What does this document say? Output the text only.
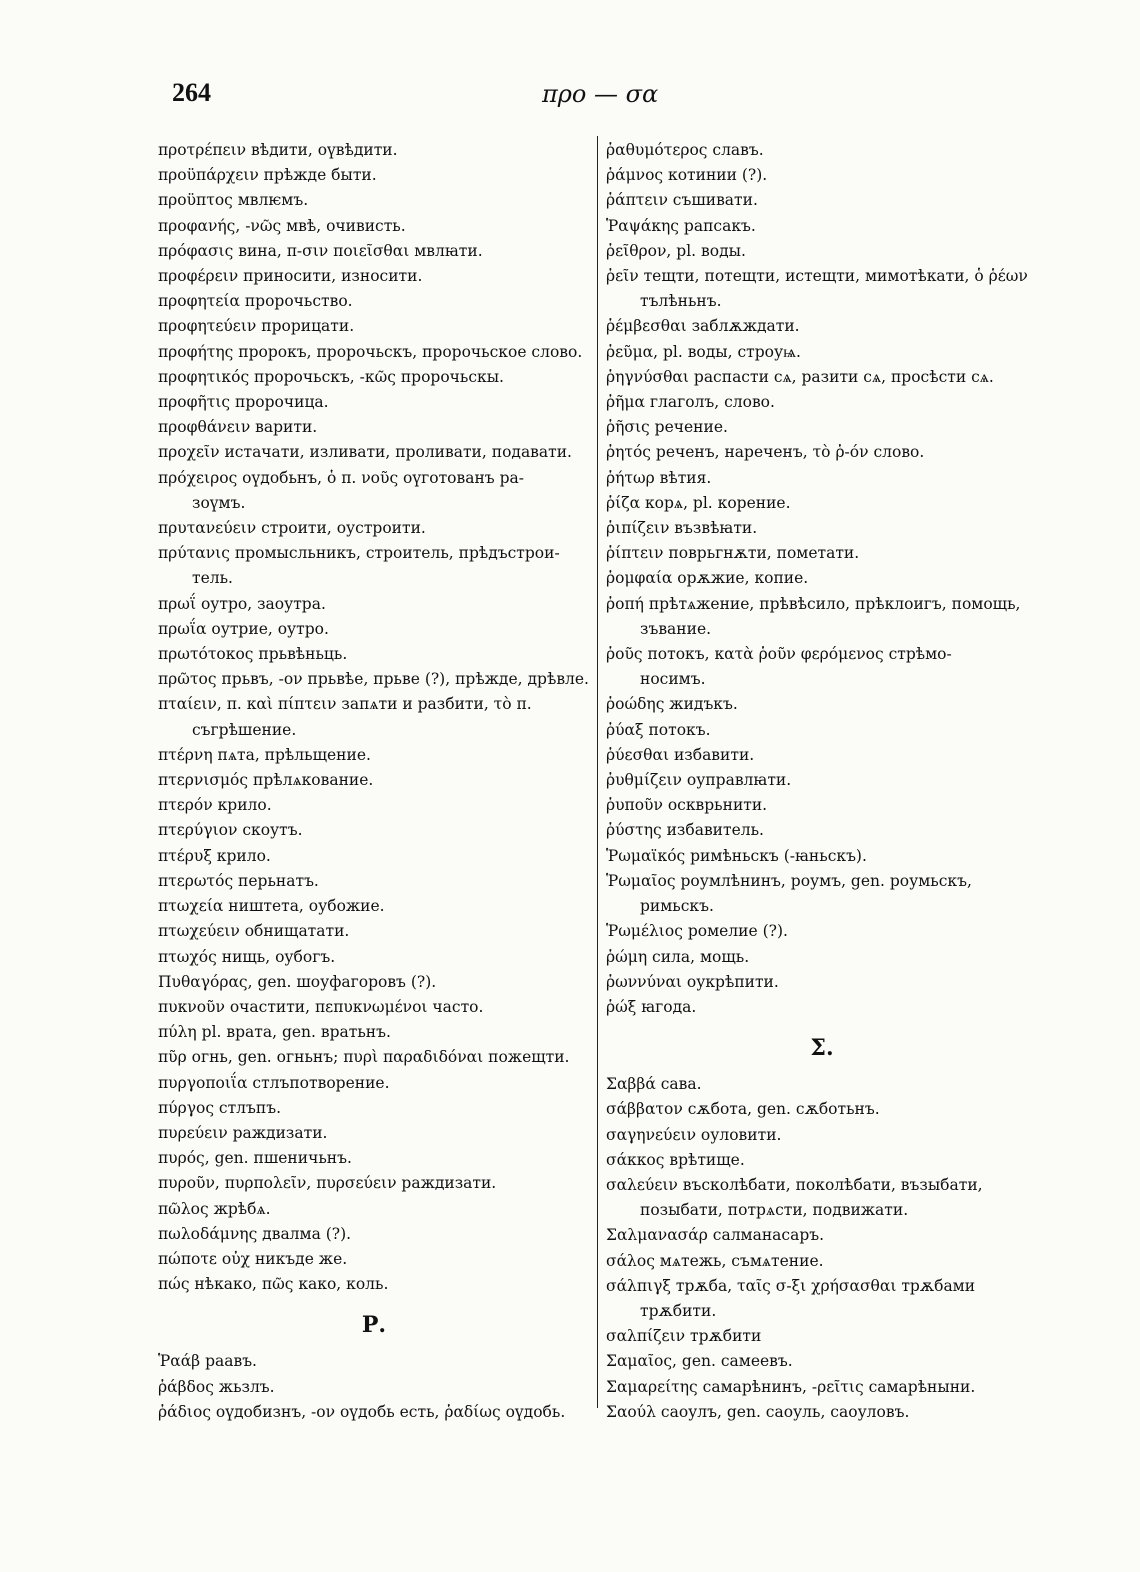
264	προ — σα
προτρέπειν вѣдити, оүвѣдити.
προϋπάρχειν прѣжде быти.
προϋπτος мвлѥмъ.
προφανής, -νῶς мвѣ, очивисть.
πρόφασις вина, π-σιν ποιεῖσθαι мвлꙗти.
προφέρειν приносити, износити.
προφητεία пророчьство.
προφητεύειν прорицати.
προφήτης пророкъ, пророчьскъ, пророчьское слово.
προφητικός пророчьскъ, -κῶς пророчьскы.
προφῆτις пророчица.
προφθάνειν варити.
προχεῖν истачати, изливати, проливати, подавати.
πρόχειρος оүдобьнъ, ὁ π. νοῦς оүготованъ ра-
зоүмъ.
πρυτανεύειν строити, оустроити.
πρύτανις промысльникъ, строитель, прѣдъстрои-
тель.
πρωΐ оутро, заоутра.
πρωΐα оутрие, оутро.
πρωτότοκος прьвѣньць.
πρῶτος прьвъ, -ον прьвѣе, прьве (?), прѣжде, дрѣвле.
πταίειν, π. καὶ πίπτειν запѧти и разбити, τὸ π.
съгрѣшение.
πτέρνη пѧта, прѣльщение.
πτερνισμός прѣлѧкование.
πτερόν крило.
πτερύγιον скоутъ.
πτέρυξ крило.
πτερωτός перьнатъ.
πτωχεία ништета, оубожие.
πτωχεύειν обнищатати.
πτωχός нищь, оубогъ.
Πυθαγόρας, gen. шоуфагоровъ (?).
πυκνοῦν очастити, πεπυκνωμένοι часто.
πύλη pl. врата, gen. вратьнъ.
πῦρ огнь, gen. огньнъ; πυρὶ παραδιδόναι пожещти.
πυργοποιΐα стлъпотворение.
πύργος стлъпъ.
πυρεύειν раждизати.
πυρός, gen. пшеничьнъ.
πυροῦν, πυρπολεῖν, πυρσεύειν раждизати.
πῶλος жрѣбѧ.
πωλοδάμνης двалма (?).
πώποτε οὐχ никъде же.
πώς нѣкако, πῶς како, коль.
Ρ.
Ῥαάβ раавъ.
ῥάβδος жьзлъ.
ῥάδιος оүдобизнъ, -ον оүдобь есть, ῥαδίως оүдобь.
ῥαθυμότερος славъ.
ῥάμνος котинии (?).
ῥάπτειν съшивати.
Ῥαψάκης рапсакъ.
ῥεῖθρον, pl. воды.
ῥεῖν тещти, потещти, истещти, мимотѣкати, ὁ ῥέων
тълѣньнъ.
ῥέμβεσθαι заблѫждати.
ῥεῦμα, pl. воды, строуѩ.
ῥηγνύσθαι распасти сѧ, разити сѧ, просѣсти сѧ.
ῥῆμα глаголъ, слово.
ῥῆσις речение.
ῥητός реченъ, нареченъ, τὸ ῥ-όν слово.
ῥήτωρ вѣтия.
ῥίζα корѧ, pl. корение.
ῥιπίζειν възвѣꙗти.
ῥίπτειν поврьгнѫти, пометати.
ῥομφαία орѫжие, копие.
ῥοπή прѣтѧжение, прѣвѣсило, прѣклоигъ, помощь,
зъвание.
ῥοῦς потокъ, κατὰ ῥοῦν φερόμενος стрѣмо-
носимъ.
ῥοώδης жидъкъ.
ῥύαξ потокъ.
ῥύεσθαι избавити.
ῥυθμίζειν оуправлꙗти.
ῥυποῦν оскврьнити.
ῥύστης избавитель.
Ῥωμαϊκός римѣньскъ (-ꙗньскъ).
Ῥωμαῖος роумлѣнинъ, роумъ, gen. роумьскъ,
римьскъ.
Ῥωμέλιος ромелие (?).
ῥώμη сила, мощь.
ῥωννύναι оукрѣпити.
ῥώξ ꙗгода.
Σ.
Σαββά сава.
σάββατον сѫбота, gen. сѫботьнъ.
σαγηνεύειν оуловити.
σάκκος врѣтище.
σαλεύειν въсколѣбати, поколѣбати, възыбати,
позыбати, потрѧсти, подвижати.
Σαλμανασάρ салманасаръ.
σάλος мѧтежь, съмѧтение.
σάλπιγξ трѫба, ταῖς σ-ξι χρήσασθαι трѫбами
трѫбити.
σαλπίζειν трѫбити
Σαμαῖος, gen. самеевъ.
Σαμαρείτης самарѣнинъ, -ρεῖτις самарѣныни.
Σαούλ саоулъ, gen. саоуль, саоуловъ.
